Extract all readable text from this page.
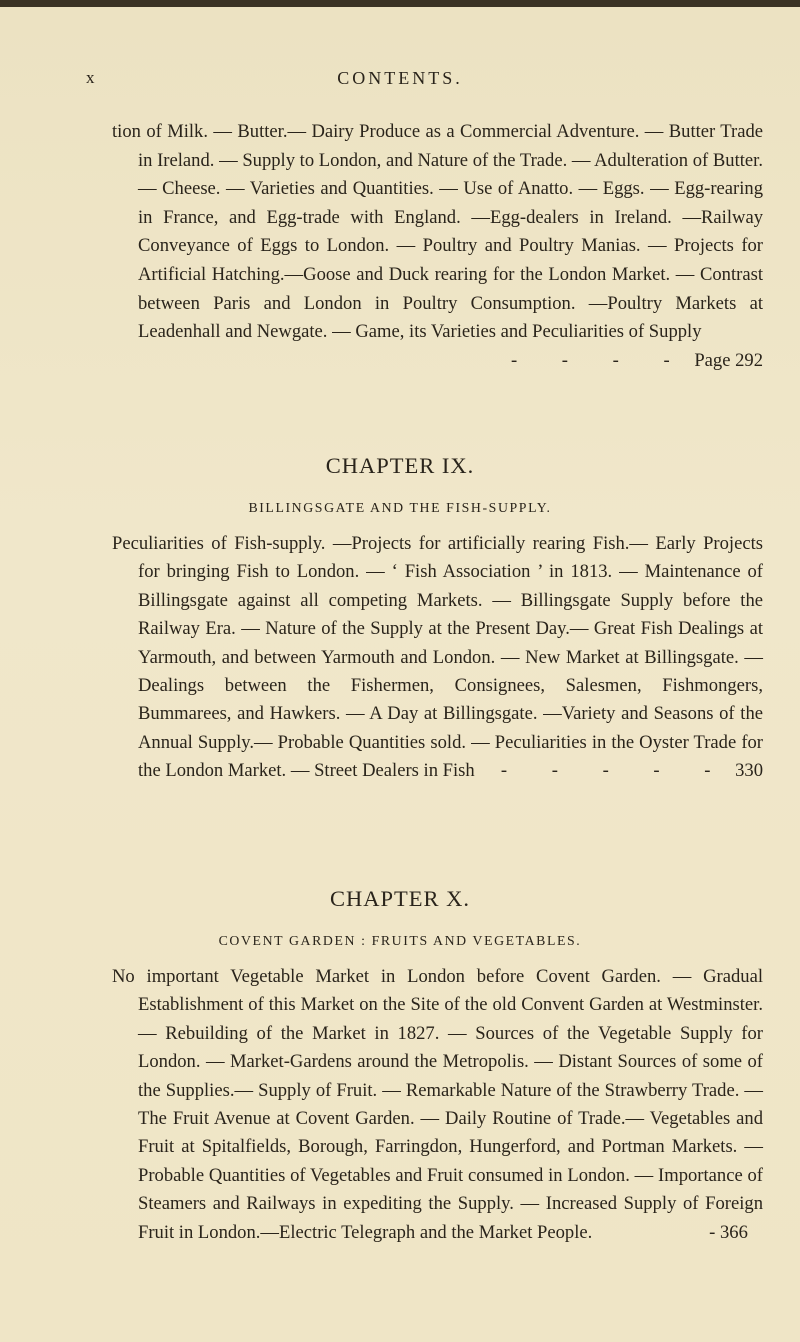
x	CONTENTS.
tion of Milk. — Butter.— Dairy Produce as a Commercial Adventure. — Butter Trade in Ireland. — Supply to London, and Nature of the Trade. — Adulteration of Butter. — Cheese. — Varieties and Quantities. — Use of Anatto. — Eggs. — Egg-rearing in France, and Egg-trade with England. —Egg-dealers in Ireland. —Railway Conveyance of Eggs to London. — Poultry and Poultry Manias. — Projects for Artificial Hatching.—Goose and Duck rearing for the London Market. — Contrast between Paris and London in Poultry Consumption. —Poultry Markets at Leadenhall and Newgate. — Game, its Varieties and Peculiarities of Supply
- - - - Page 292
CHAPTER IX.
BILLINGSGATE AND THE FISH-SUPPLY.
Peculiarities of Fish-supply. —Projects for artificially rearing Fish.— Early Projects for bringing Fish to London. — ‘ Fish Association ’ in 1813. — Maintenance of Billingsgate against all competing Markets. — Billingsgate Supply before the Railway Era. — Nature of the Supply at the Present Day.— Great Fish Dealings at Yarmouth, and between Yarmouth and London. — New Market at Billingsgate. — Dealings between the Fishermen, Consignees, Salesmen, Fishmongers, Bummarees, and Hawkers. — A Day at Billingsgate. —Variety and Seasons of the Annual Supply.— Probable Quantities sold. — Peculiarities in the Oyster Trade for the London Market. — Street Dealers in Fish - - - - - 330
CHAPTER X.
COVENT GARDEN : FRUITS AND VEGETABLES.
No important Vegetable Market in London before Covent Garden. — Gradual Establishment of this Market on the Site of the old Convent Garden at Westminster. — Rebuilding of the Market in 1827. — Sources of the Vegetable Supply for London. — Market-Gardens around the Metropolis. — Distant Sources of some of the Supplies.— Supply of Fruit. — Remarkable Nature of the Strawberry Trade. — The Fruit Avenue at Covent Garden. — Daily Routine of Trade.— Vegetables and Fruit at Spitalfields, Borough, Farringdon, Hungerford, and Portman Markets. — Probable Quantities of Vegetables and Fruit consumed in London. — Importance of Steamers and Railways in expediting the Supply. — Increased Supply of Foreign Fruit in London.—Electric Telegraph and the Market People.	- 366
